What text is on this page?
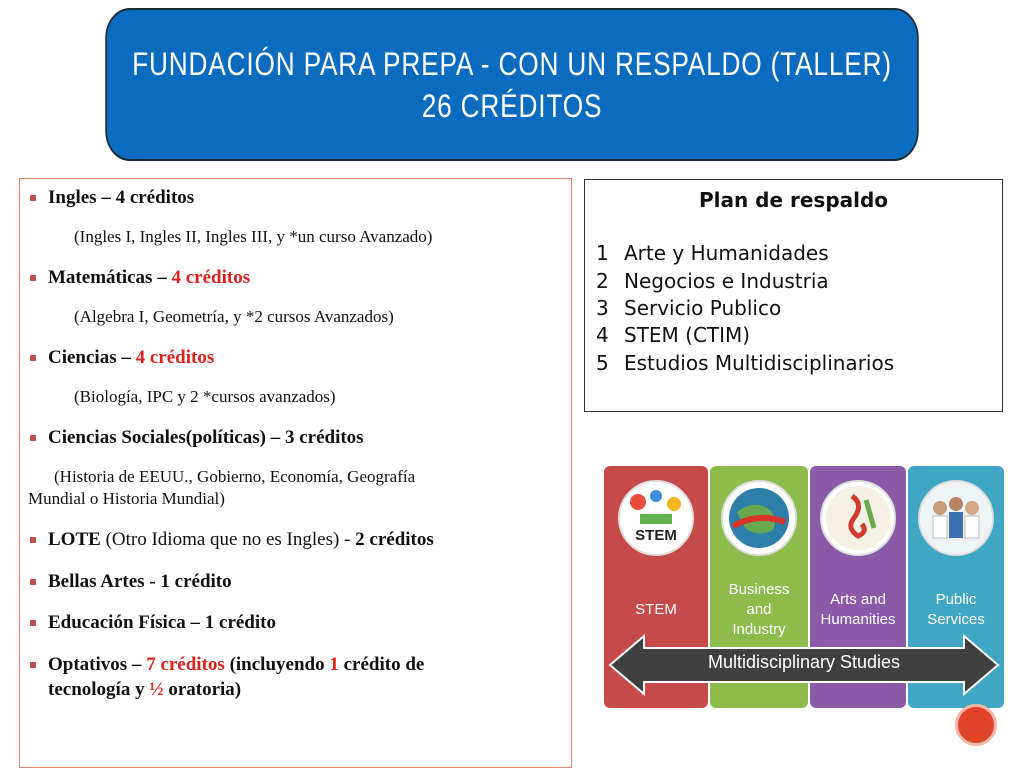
FUNDACIÓN PARA PREPA - CON UN RESPALDO (TALLER)
26 CRÉDITOS
Ingles – 4 créditos
(Ingles I, Ingles II, Ingles III, y *un curso Avanzado)
Matemáticas – 4 créditos
(Algebra I, Geometría, y *2 cursos Avanzados)
Ciencias – 4 créditos
(Biología, IPC y 2 *cursos avanzados)
Ciencias Sociales(políticas) – 3 créditos
(Historia de EEUU., Gobierno, Economía, Geografía
Mundial o Historia Mundial)
LOTE (Otro Idioma que no es Ingles) - 2 créditos
Bellas Artes - 1 crédito
Educación Física – 1 crédito
Optativos – 7 créditos (incluyendo 1 crédito de
tecnología y ½ oratoria)
Plan de respaldo
1 Arte y Humanidades
2 Negocios e Industria
3 Servicio Publico
4 STEM (CTIM)
5 Estudios Multidisciplinarios
STEM
STEM
Business
and
Industry
Arts and
Humanities
Public
Services
Multidisciplinary Studies
